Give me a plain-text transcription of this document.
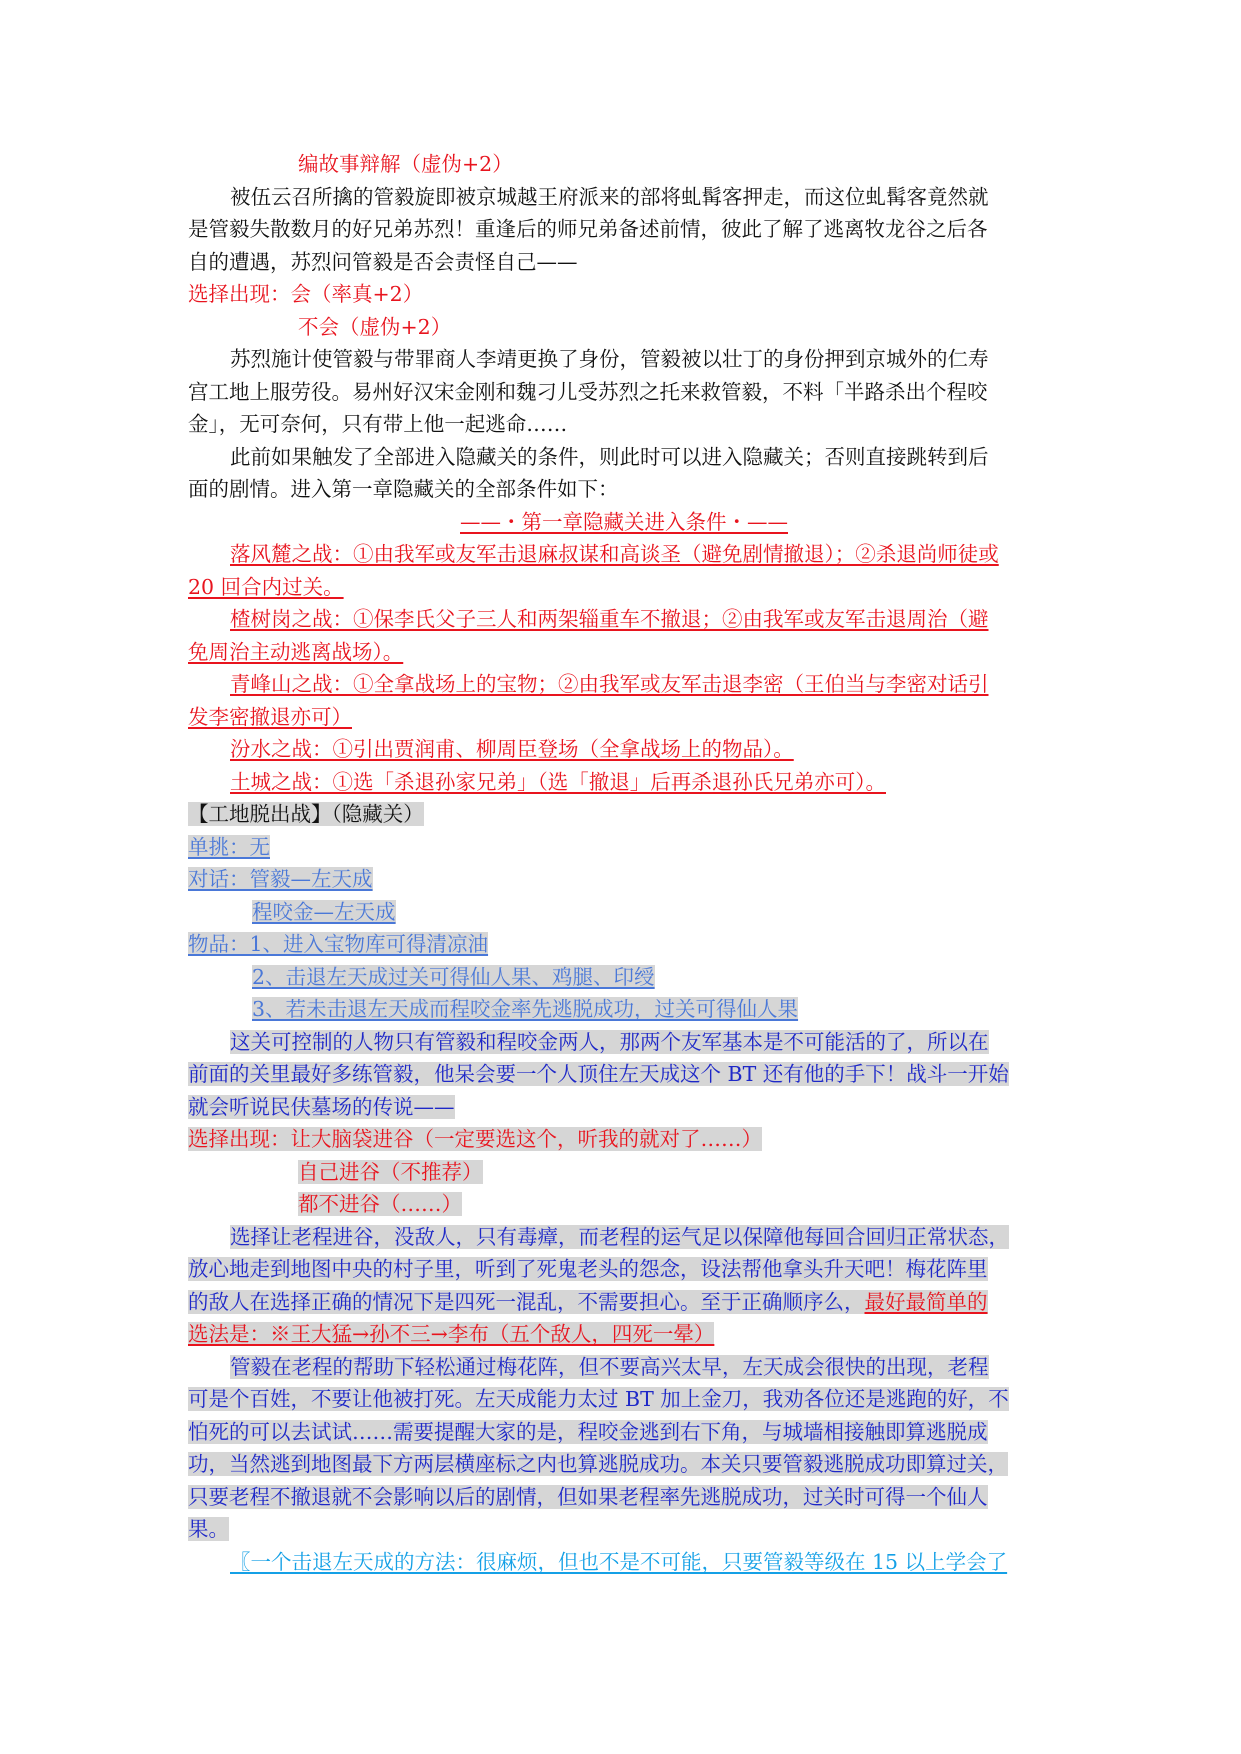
编故事辩解（虚伪+2）
被伍云召所擒的管毅旋即被京城越王府派来的部将虬髯客押走，而这位虬髯客竟然就
是管毅失散数月的好兄弟苏烈！重逢后的师兄弟备述前情，彼此了解了逃离牧龙谷之后各
自的遭遇，苏烈问管毅是否会责怪自己——
选择出现：会（率真+2）
不会（虚伪+2）
苏烈施计使管毅与带罪商人李靖更换了身份，管毅被以壮丁的身份押到京城外的仁寿
宫工地上服劳役。易州好汉宋金刚和魏刁儿受苏烈之托来救管毅，不料「半路杀出个程咬
金」，无可奈何，只有带上他一起逃命……
此前如果触发了全部进入隐藏关的条件，则此时可以进入隐藏关；否则直接跳转到后
面的剧情。进入第一章隐藏关的全部条件如下：
——・第一章隐藏关进入条件・——
落风麓之战：①由我军或友军击退麻叔谋和高谈圣（避免剧情撤退）；②杀退尚师徒或
20 回合内过关。
楂树岗之战：①保李氏父子三人和两架辎重车不撤退；②由我军或友军击退周治（避
免周治主动逃离战场）。
青峰山之战：①全拿战场上的宝物；②由我军或友军击退李密（王伯当与李密对话引
发李密撤退亦可）
汾水之战：①引出贾润甫、柳周臣登场（全拿战场上的物品）。
土城之战：①选「杀退孙家兄弟」（选「撤退」后再杀退孙氏兄弟亦可）。
【工地脱出战】（隐藏关）
单挑：无
对话：管毅—左天成
程咬金—左天成
物品：1、进入宝物库可得清凉油
2、击退左天成过关可得仙人果、鸡腿、印绶
3、若未击退左天成而程咬金率先逃脱成功，过关可得仙人果
这关可控制的人物只有管毅和程咬金两人，那两个友军基本是不可能活的了，所以在
前面的关里最好多练管毅，他呆会要一个人顶住左天成这个 BT 还有他的手下！战斗一开始
就会听说民伕墓场的传说——
选择出现：让大脑袋进谷（一定要选这个，听我的就对了……）
自己进谷（不推荐）
都不进谷（……）
选择让老程进谷，没敌人，只有毒瘴，而老程的运气足以保障他每回合回归正常状态，
放心地走到地图中央的村子里，听到了死鬼老头的怨念，设法帮他拿头升天吧！梅花阵里
的敌人在选择正确的情况下是四死一混乱，不需要担心。至于正确顺序么，最好最简单的
选法是：※王大猛→孙不三→李布（五个敌人，四死一晕）
管毅在老程的帮助下轻松通过梅花阵，但不要高兴太早，左天成会很快的出现，老程
可是个百姓，不要让他被打死。左天成能力太过 BT 加上金刀，我劝各位还是逃跑的好，不
怕死的可以去试试……需要提醒大家的是，程咬金逃到右下角，与城墙相接触即算逃脱成
功，当然逃到地图最下方两层横座标之内也算逃脱成功。本关只要管毅逃脱成功即算过关，
只要老程不撤退就不会影响以后的剧情，但如果老程率先逃脱成功，过关时可得一个仙人
果。
〖一个击退左天成的方法：很麻烦，但也不是不可能，只要管毅等级在 15 以上学会了
